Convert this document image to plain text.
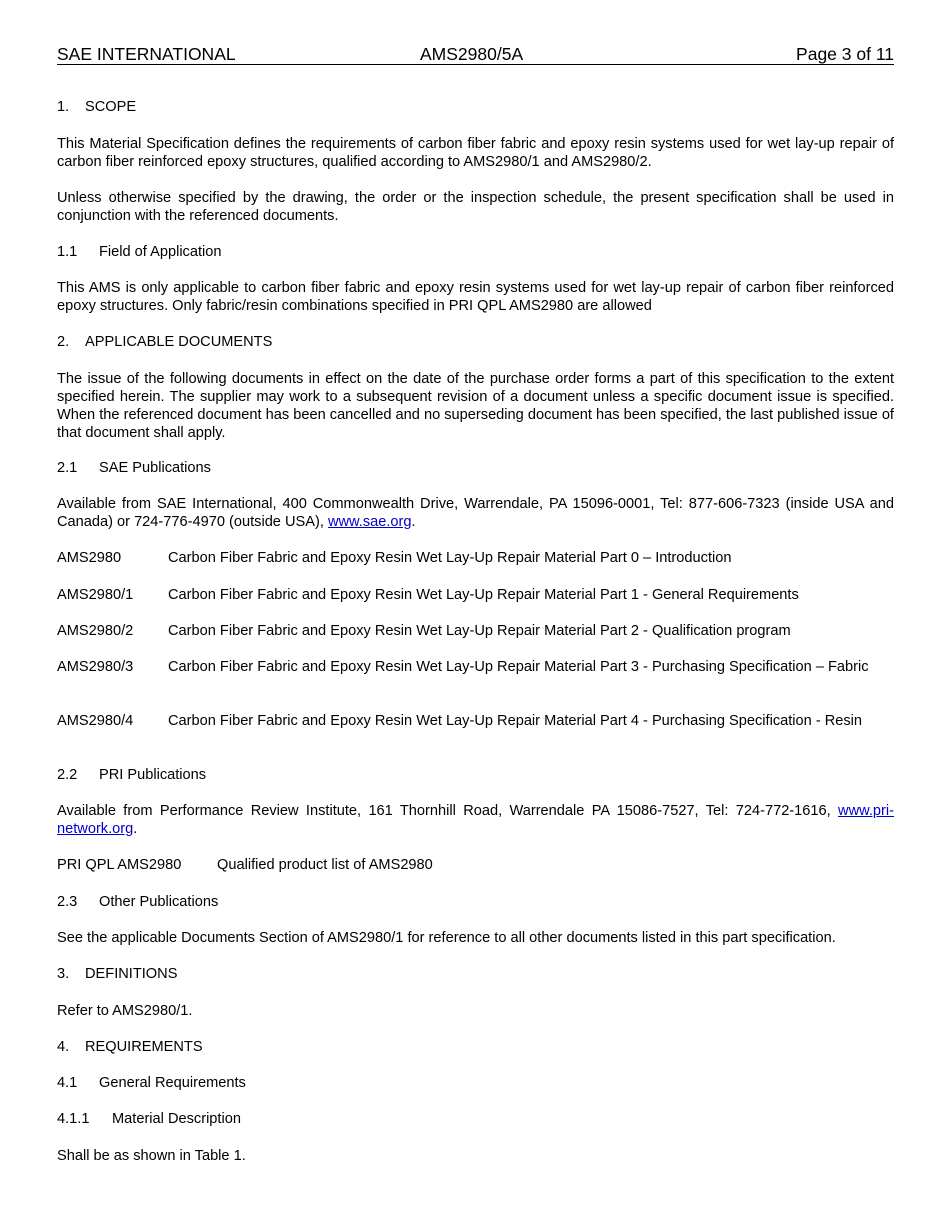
SAE INTERNATIONAL	AMS2980/5A	Page 3 of 11
1. SCOPE
This Material Specification defines the requirements of carbon fiber fabric and epoxy resin systems used for wet lay-up repair of carbon fiber reinforced epoxy structures, qualified according to AMS2980/1 and AMS2980/2.
Unless otherwise specified by the drawing, the order or the inspection schedule, the present specification shall be used in conjunction with the referenced documents.
1.1 Field of Application
This AMS is only applicable to carbon fiber fabric and epoxy resin systems used for wet lay-up repair of carbon fiber reinforced epoxy structures. Only fabric/resin combinations specified in PRI QPL AMS2980 are allowed
2. APPLICABLE DOCUMENTS
The issue of the following documents in effect on the date of the purchase order forms a part of this specification to the extent specified herein. The supplier may work to a subsequent revision of a document unless a specific document issue is specified. When the referenced document has been cancelled and no superseding document has been specified, the last published issue of that document shall apply.
2.1 SAE Publications
Available from SAE International, 400 Commonwealth Drive, Warrendale, PA 15096-0001, Tel: 877-606-7323 (inside USA and Canada) or 724-776-4970 (outside USA), www.sae.org.
AMS2980	Carbon Fiber Fabric and Epoxy Resin Wet Lay-Up Repair Material Part 0 – Introduction
AMS2980/1 Carbon Fiber Fabric and Epoxy Resin Wet Lay-Up Repair Material Part 1 - General Requirements
AMS2980/2 Carbon Fiber Fabric and Epoxy Resin Wet Lay-Up Repair Material Part 2 - Qualification program
AMS2980/3 Carbon Fiber Fabric and Epoxy Resin Wet Lay-Up Repair Material Part 3 - Purchasing Specification – Fabric
AMS2980/4 Carbon Fiber Fabric and Epoxy Resin Wet Lay-Up Repair Material Part 4 - Purchasing Specification - Resin
2.2 PRI Publications
Available from Performance Review Institute, 161 Thornhill Road, Warrendale PA 15086-7527, Tel: 724-772-1616, www.pri-network.org.
PRI QPL AMS2980 Qualified product list of AMS2980
2.3 Other Publications
See the applicable Documents Section of AMS2980/1 for reference to all other documents listed in this part specification.
3. DEFINITIONS
Refer to AMS2980/1.
4. REQUIREMENTS
4.1 General Requirements
4.1.1 Material Description
Shall be as shown in Table 1.
